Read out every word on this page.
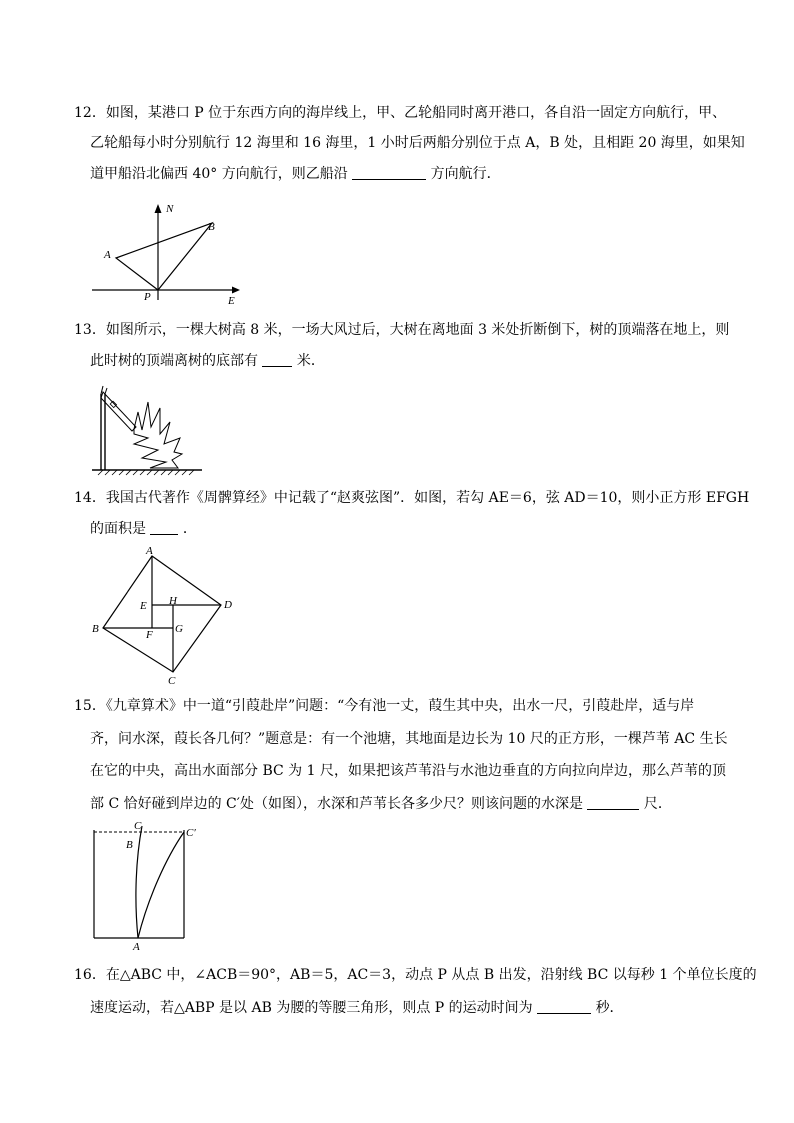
12．如图，某港口 P 位于东西方向的海岸线上，甲、乙轮船同时离开港口，各自沿一固定方向航行，甲、
乙轮船每小时分别航行 12 海里和 16 海里，1 小时后两船分别位于点 A，B 处，且相距 20 海里，如果知
道甲船沿北偏西 40° 方向航行，则乙船沿	方向航行．
N
B
A
P	E
13．如图所示，一棵大树高 8 米，一场大风过后，大树在离地面 3 米处折断倒下，树的顶端落在地上，则
此时树的顶端离树的底部有	米．
14．我国古代著作《周髀算经》中记载了“赵爽弦图”．如图，若勾 AE＝6，弦 AD＝10，则小正方形 EFGH
的面积是	．
A
B
C
D
E
F G
H
15．《九章算术》中一道“引葭赴岸”问题：“今有池一丈，葭生其中央，出水一尺，引葭赴岸，适与岸
齐，问水深，葭长各几何？”题意是：有一个池塘，其地面是边长为 10 尺的正方形，一棵芦苇 AC 生长
在它的中央，高出水面部分 BC 为 1 尺，如果把该芦苇沿与水池边垂直的方向拉向岸边，那么芦苇的顶
部 C 恰好碰到岸边的 C′处（如图），水深和芦苇长各多少尺？则该问题的水深是	尺．
C
B
C′
A
16．在△ABC 中，∠ACB＝90°，AB＝5，AC＝3，动点 P 从点 B 出发，沿射线 BC 以每秒 1 个单位长度的
速度运动，若△ABP 是以 AB 为腰的等腰三角形，则点 P 的运动时间为	秒．
